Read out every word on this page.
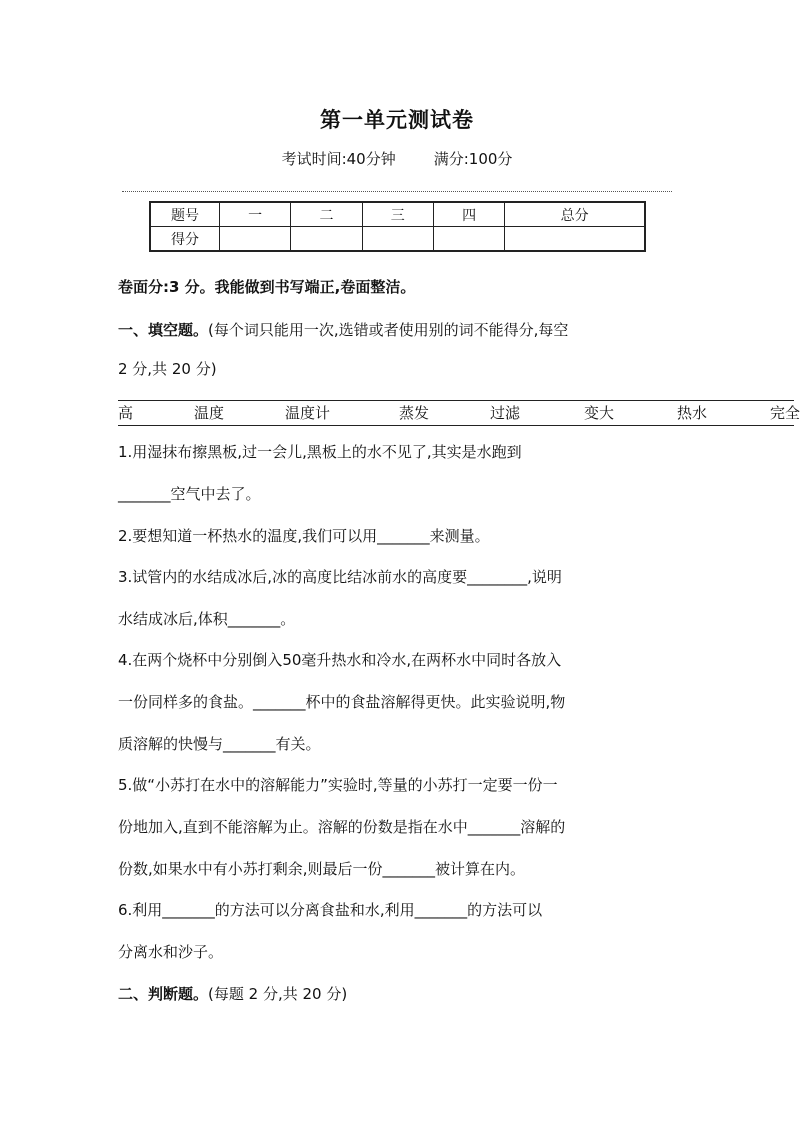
第一单元测试卷
考试时间:40分钟	满分:100分
题号	一	二	三	四	总分
得分					
卷面分:3 分。我能做到书写端正,卷面整洁。
一、填空题。(每个词只能用一次,选错或者使用别的词不能得分,每空
2 分,共 20 分)
高	温度	温度计	蒸发	过滤	变大	热水	完全
1.用湿抹布擦黑板,过一会儿,黑板上的水不见了,其实是水跑到
_______空气中去了。
2.要想知道一杯热水的温度,我们可以用_______来测量。
3.试管内的水结成冰后,冰的高度比结冰前水的高度要________,说明
水结成冰后,体积_______。
4.在两个烧杯中分别倒入50毫升热水和冷水,在两杯水中同时各放入
一份同样多的食盐。_______杯中的食盐溶解得更快。此实验说明,物
质溶解的快慢与_______有关。
5.做“小苏打在水中的溶解能力”实验时,等量的小苏打一定要一份一
份地加入,直到不能溶解为止。溶解的份数是指在水中_______溶解的
份数,如果水中有小苏打剩余,则最后一份_______被计算在内。
6.利用_______的方法可以分离食盐和水,利用_______的方法可以
分离水和沙子。
二、判断题。(每题 2 分,共 20 分)
